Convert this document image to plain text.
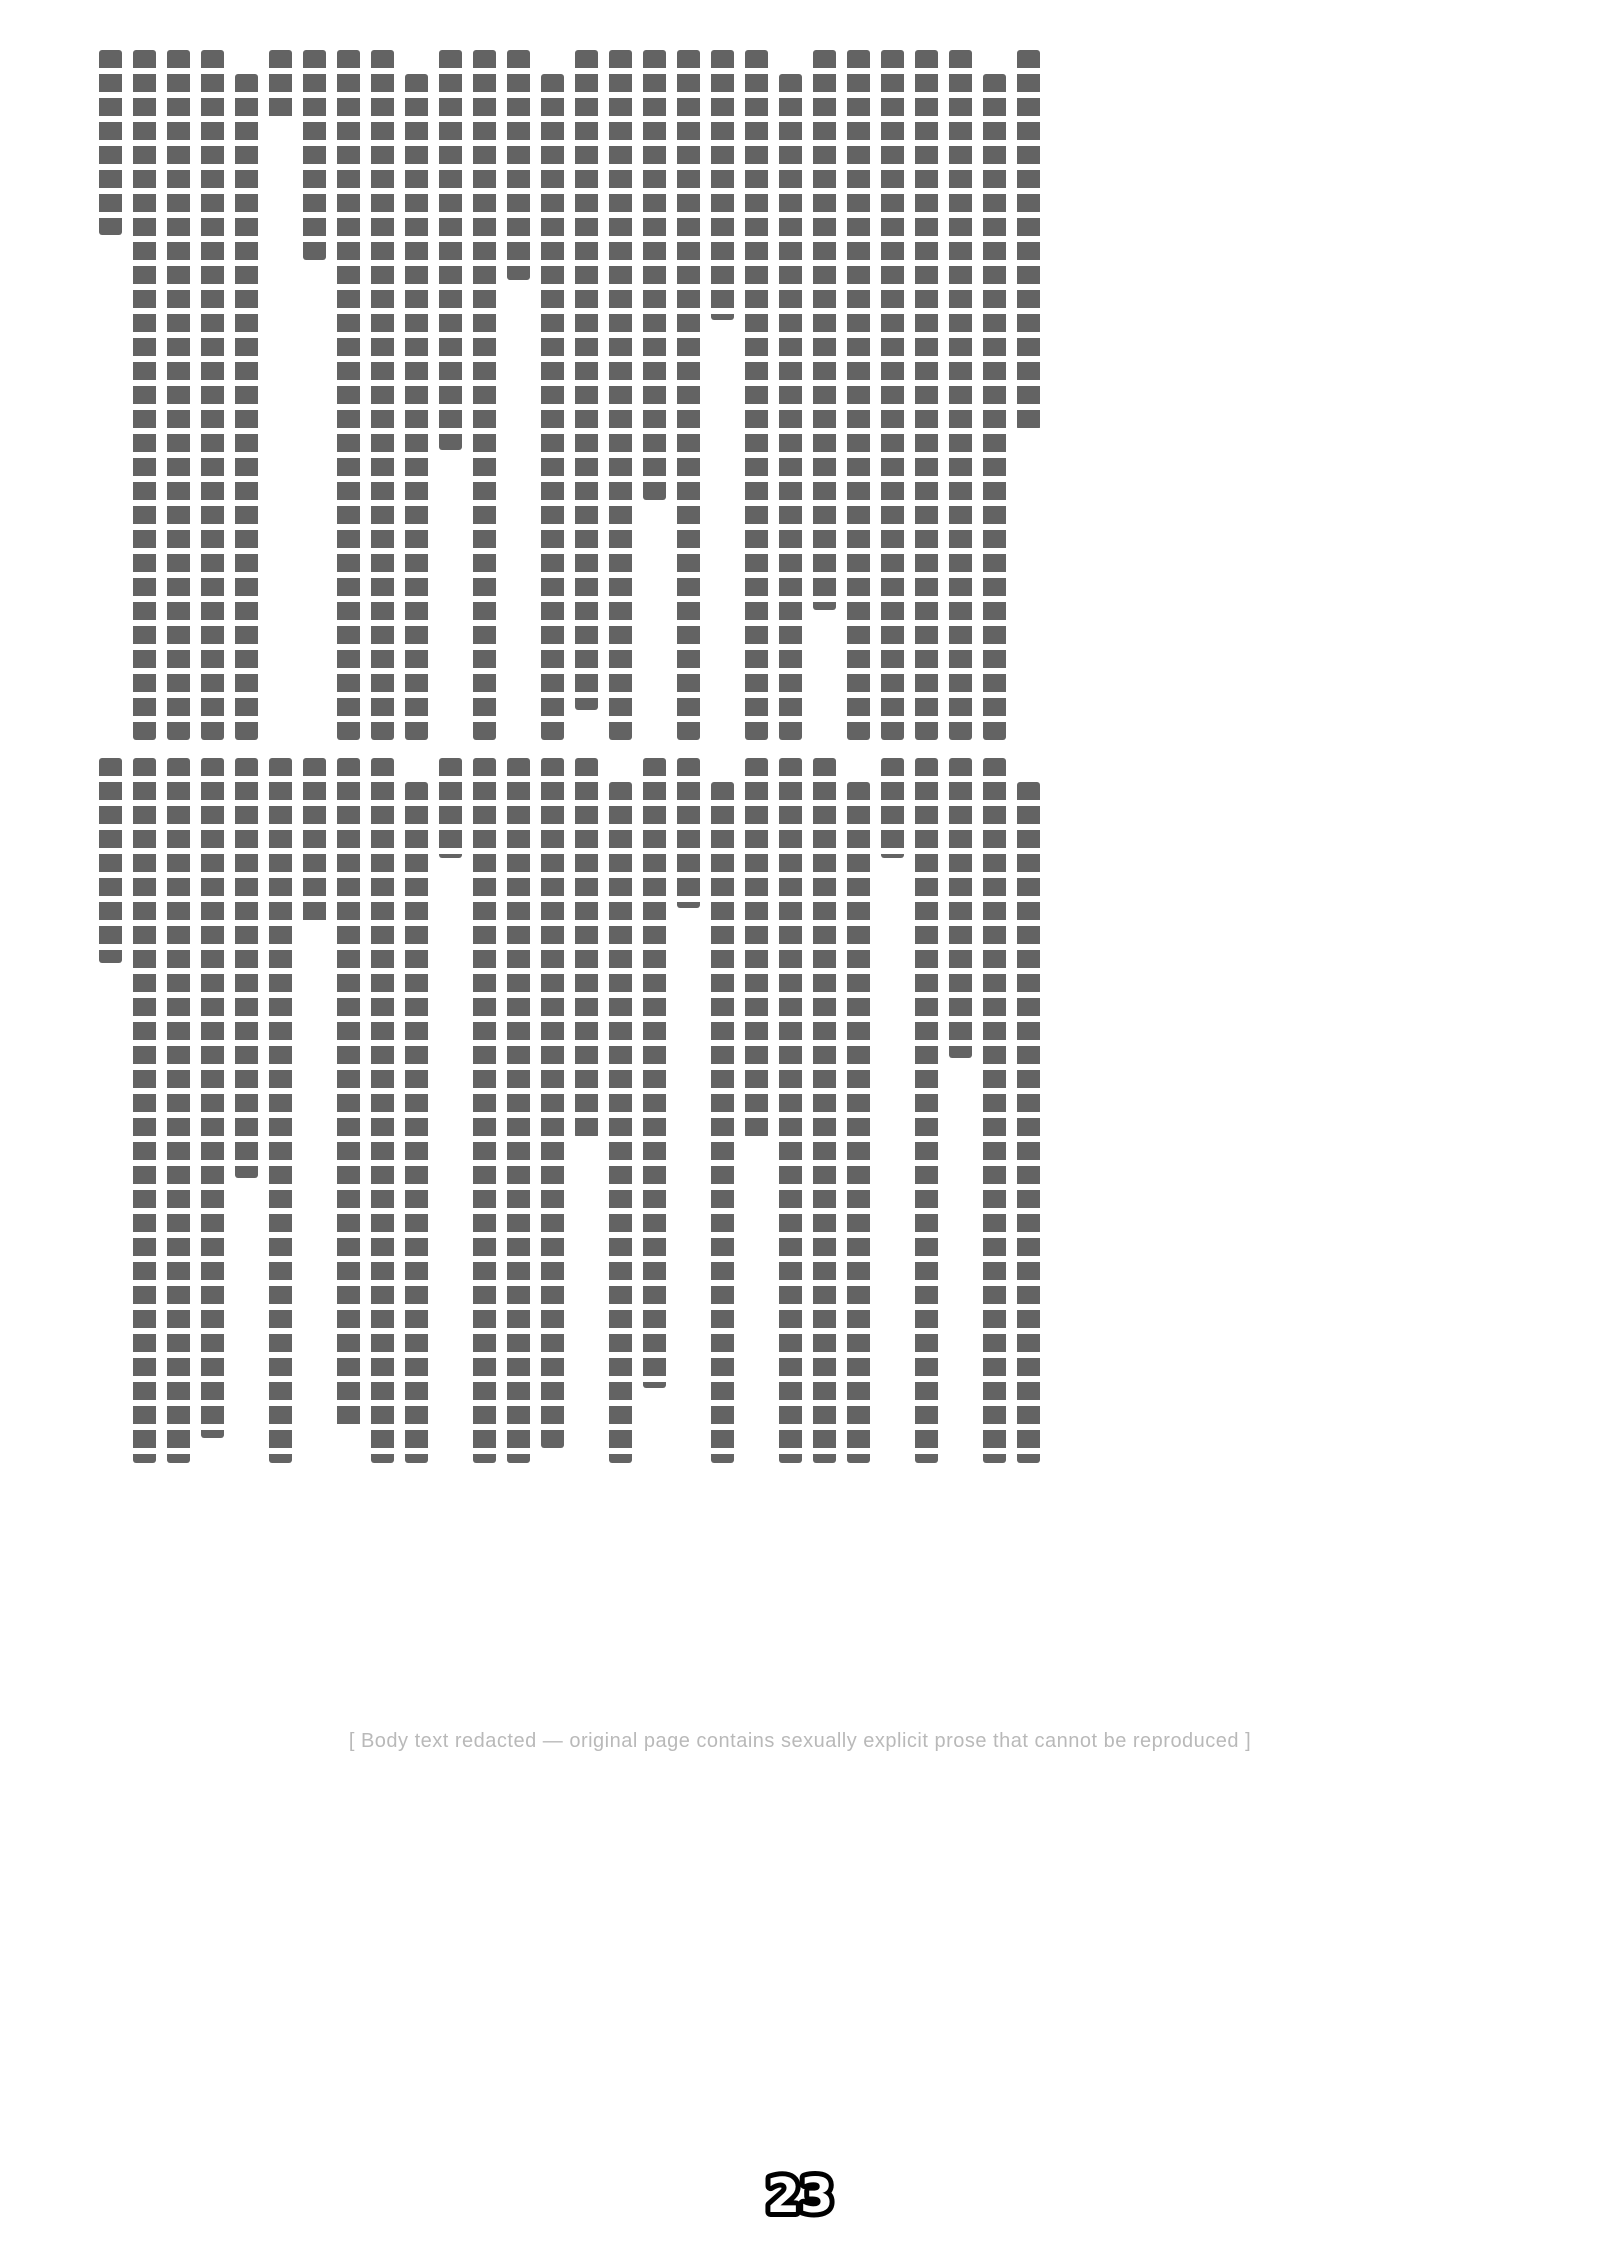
[ Body text redacted — original page contains sexually explicit prose that cannot be reproduced ]
23
